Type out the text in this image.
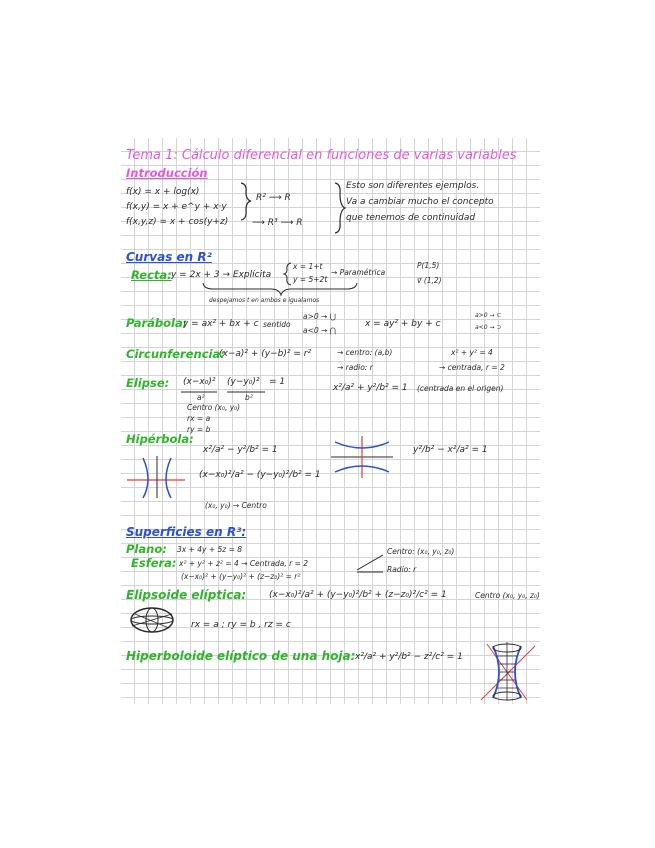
Tema 1: Cálculo diferencial en funciones de varias variables
Introducción
f(x) = x + log(x)
f(x,y) = x + e^y + x·y
f(x,y,z) = x + cos(y+z)
R² ⟶ R
⟶ R³ ⟶ R
Esto son diferentes ejemplos.
Va a cambiar mucho el concepto
que tenemos de continuidad
Curvas en R²
Recta: y = 2x + 3 → Explícita
x = 1+t
y = 5+2t
→ Paramétrica
P(1,5)
v⃗ (1,2)
despejamos t en ambos e igualamos
Parábola:
y = ax² + bx + c sentido
a>0 → ⋃
a<0 → ⋂
x = ay² + by + c
a>0 → ⊂
a<0 → ⊃
Circunferencia:
(x−a)² + (y−b)² = r²	→ centro: (a,b)
→ radio: r
x² + y² = 4
→ centrada, r = 2
Elipse: (x−x₀)² (y−y₀)² = 1
a²	b²
Centro (x₀, y₀)
rx = a
ry = b
x²/a² + y²/b² = 1 (centrada en el origen)
Hipérbola:
x²/a² − y²/b² = 1
(x−x₀)²/a² − (y−y₀)²/b² = 1
(x₀, y₀) → Centro
y²/b² − x²/a² = 1
Superficies en R³:
Plano: 3x + 4y + 5z = 8
Esfera: x² + y² + z² = 4 → Centrada, r = 2
(x−x₀)² + (y−y₀)² + (z−z₀)² = r²
Centro: (x₀, y₀, z₀)
Radio: r
Elipsoide elíptica:	(x−x₀)²/a² + (y−y₀)²/b² + (z−z₀)²/c² = 1	Centro (x₀, y₀, z₀)
rx = a ; ry = b , rz = c
Hiperboloide elíptico de una hoja: x²/a² + y²/b² − z²/c² = 1
